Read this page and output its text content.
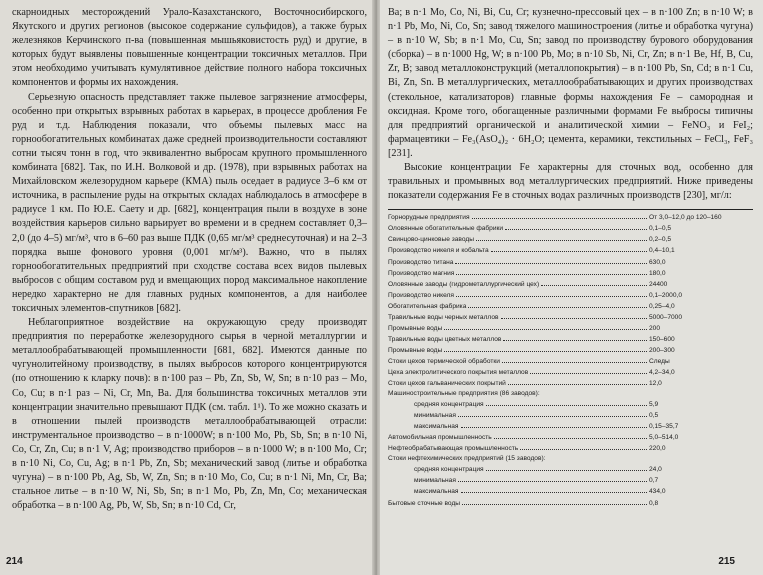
скарноидных месторождений Урало-Казахстанского, Восточносибирского, Якутского и других регионов (высокое содержание сульфидов), а также бурых железняков Керчинского п-ва (повышенная мышьяковистость руд) и другие, в которых будут выявлены повышенные концентрации токсичных металлов. При этом необходимо учитывать кумулятивное действие полного набора токсичных компонентов и формы их нахождения.

Серьезную опасность представляет также пылевое загрязнение атмосферы, особенно при открытых взрывных работах в карьерах, в процессе дробления Fe руд и т.д. Наблюдения показали, что объемы пылевых масс на горнообогатительных комбинатах даже средней производительности составляют сотни тысяч тонн в год, что эквивалентно выбросам крупного промышленного комбината [682]. Так, по И.Н. Волковой и др. (1978), при взрывных работах на Михайловском железорудном карьере (КМА) пыль оседает в радиусе 3–6 км от источника, в распыление руды на открытых складах наблюдалось в атмосфере в радиусе 1 км. По Ю.Е. Саету и др. [682], концентрация пыли в воздухе в зоне воздействия карьеров сильно варьирует во времени и в среднем составляет 0,3–2,0 (до 4–5) мг/м³, что в 6–60 раз выше ПДК (0,65 мг/м³ среднесуточная) и на 2–3 порядка выше фонового уровня (0,001 мг/м³). Важно, что в пылях горнообогатительных предприятий при сходстве состава всех видов пылевых выбросов с общим составом руд и вмещающих пород максимальное накопление нередко характерно не для главных рудных компонентов, а для наиболее токсичных элементов-спутников [682].

Неблагоприятное воздействие на окружающую среду производят предприятия по переработке железорудного сырья в черной металлургии и металлообрабатывающей промышленности [681, 682]. Имеются данные по чугунолитейному производству, в пылях выбросов которого концентрируются (по отношению к кларку почв): в n·100 раз – Pb, Zn, Sb, W, Sn; в n·10 раз – Mo, Co, Cu; в n·1 раз – Ni, Cr, Mn, Ba. Для большинства токсичных металлов эти концентрации значительно превышают ПДК (см. табл. 1¹). То же можно сказать и в отношении пылей производств металлообрабатывающей отрасли: инструментальное производство – в n·1000W; в n·100 Mo, Pb, Sb, Sn; в n·10 Ni, Co, Cr, Zn, Cu; в n·1 V, Ag; производство приборов – в n·1000 W; в n·100 Mo, Cr; в n·10 Ni, Co, Cu, Ag; в n·1 Pb, Zn, Sb; механический завод (литье и обработка чугуна) – в n·100 Pb, Ag, Sb, W, Zn, Sn; в n·10 Mo, Co, Cu; в n·1 Ni, Mn, Cr, Ba; стальное литье – в n·10 W, Ni, Sb, Sn; в n·1 Mo, Pb, Zn, Mn, Co; механическая обработка – в n·100 Ag, Pb, W, Sb, Sn; в n·10 Cd, Cr,

214

Ba; в n·1 Mo, Co, Ni, Bi, Cu, Cr; кузнечно-прессовый цех – в n·100 Zn; в n·10 W; в n·1 Pb, Mo, Ni, Co, Sn; завод тяжелого машиностроения (литье и обработка чугуна) – в n·10 W, Sb; в n·1 Mo, Cu, Sn; завод по производству бурового оборудования (сборка) – в n·1000 Hg, W; в n·100 Pb, Mo; в n·10 Sb, Ni, Cr, Zn; в n·1 Be, Hf, B, Cu, Zr, B; завод металлоконструкций (металлопокрытия) – в n·100 Pb, Sn, Cd; в n·1 Cu, Bi, Zn, Sn. В металлургических, металлообрабатывающих и других производствах (стекольное, катализаторов) главные формы нахождения Fe – самородная и оксидная. Кроме того, обогащенные различными формами Fe выбросы типичны для предприятий органической и аналитической химии – FeNO₃ и FeI₂; фармацевтики – Fe₃(AsO₄)₂ · 6H₂O; цемента, керамики, текстильных – FeCl₃, FeF₃ [231].

Высокие концентрации Fe характерны для сточных вод, особенно для травильных и промывных вод металлургических предприятий. Ниже приведены показатели содержания Fe в сточных водах различных производств [230], мг/л:

Горнорудные предприятия	От 3,0–12,0 до 120–160
Оловянные обогатительные фабрики	0,1–0,5
Свинцово-цинковые заводы	0,2–0,5
Производство никеля и кобальта	0,4–10,1
Производство титана	630,0
Производство магния	180,0
Оловянные заводы (гидрометаллургический цех)	24400
Производство никеля	0,1–2000,0
Обогатительная фабрика	0,25–4,0
Травильные воды черных металлов	5000–7000
Промывные воды	200
Травильные воды цветных металлов	150–600
Промывные воды	200–300
Стоки цехов термической обработки	Следы
Цеха электролитического покрытия металлов	4,2–34,0
Стоки цехов гальванических покрытий	12,0
Машиностроительные предприятия (86 заводов):
средняя концентрация	5,9
минимальная	0,5
максимальная	0,15–35,7
Автомобильная промышленность	5,0–514,0
Нефтеобрабатывающая промышленность	220,0
Стоки нефтехимических предприятий (15 заводов):
средняя концентрация	24,0
минимальная	0,7
максимальная	434,0
Бытовые сточные воды	0,8
215
